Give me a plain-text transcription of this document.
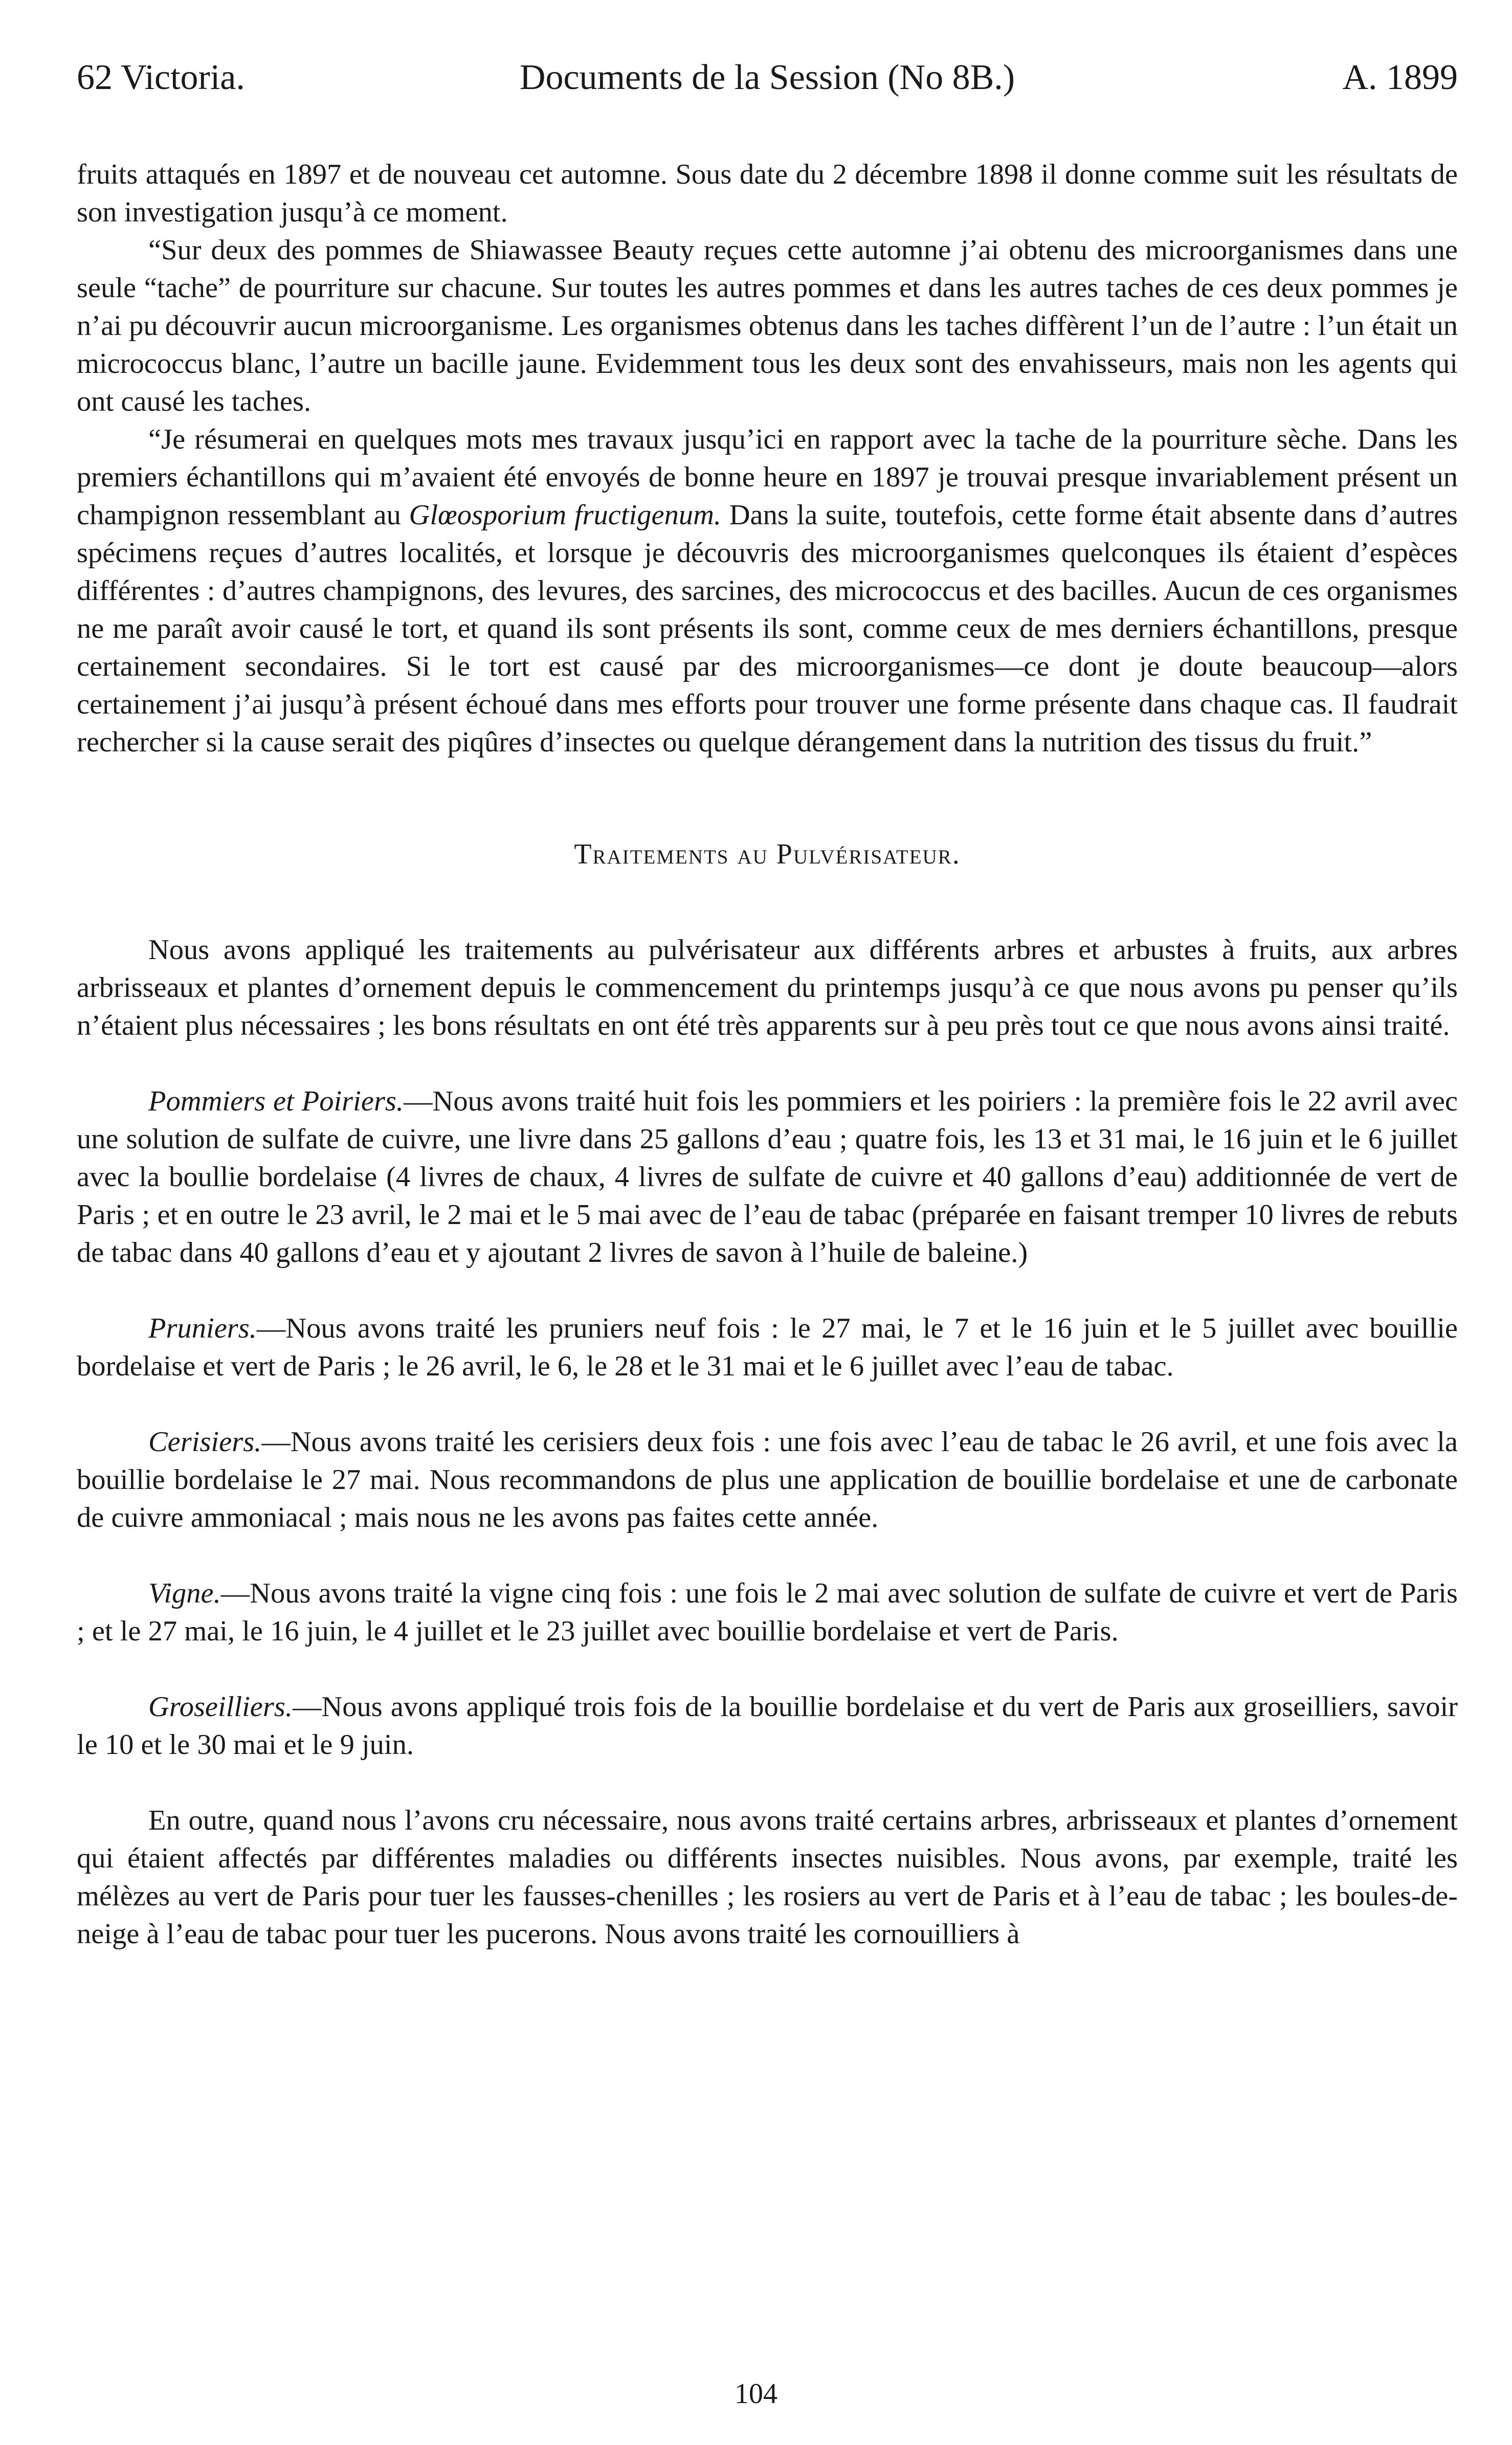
62 Victoria.	Documents de la Session (No 8B.)	A. 1899

fruits attaqués en 1897 et de nouveau cet automne. Sous date du 2 décembre 1898 il donne comme suit les résultats de son investigation jusqu’à ce moment.

“Sur deux des pommes de Shiawassee Beauty reçues cette automne j’ai obtenu des microorganismes dans une seule “tache” de pourriture sur chacune. Sur toutes les autres pommes et dans les autres taches de ces deux pommes je n’ai pu découvrir aucun microorganisme. Les organismes obtenus dans les taches diffèrent l’un de l’autre : l’un était un micrococcus blanc, l’autre un bacille jaune. Evidemment tous les deux sont des envahisseurs, mais non les agents qui ont causé les taches.

“Je résumerai en quelques mots mes travaux jusqu’ici en rapport avec la tache de la pourriture sèche. Dans les premiers échantillons qui m’avaient été envoyés de bonne heure en 1897 je trouvai presque invariablement présent un champignon ressemblant au Glœosporium fructigenum. Dans la suite, toutefois, cette forme était absente dans d’autres spécimens reçues d’autres localités, et lorsque je découvris des microorganismes quelconques ils étaient d’espèces différentes : d’autres champignons, des levures, des sarcines, des micrococcus et des bacilles. Aucun de ces organismes ne me paraît avoir causé le tort, et quand ils sont présents ils sont, comme ceux de mes derniers échantillons, presque certainement secondaires. Si le tort est causé par des microorganismes—ce dont je doute beaucoup—alors certainement j’ai jusqu’à présent échoué dans mes efforts pour trouver une forme présente dans chaque cas. Il faudrait rechercher si la cause serait des piqûres d’insectes ou quelque dérangement dans la nutrition des tissus du fruit.”

Traitements au Pulvérisateur.

Nous avons appliqué les traitements au pulvérisateur aux différents arbres et arbustes à fruits, aux arbres arbrisseaux et plantes d’ornement depuis le commencement du printemps jusqu’à ce que nous avons pu penser qu’ils n’étaient plus nécessaires ; les bons résultats en ont été très apparents sur à peu près tout ce que nous avons ainsi traité.

Pommiers et Poiriers.—Nous avons traité huit fois les pommiers et les poiriers : la première fois le 22 avril avec une solution de sulfate de cuivre, une livre dans 25 gallons d’eau ; quatre fois, les 13 et 31 mai, le 16 juin et le 6 juillet avec la boullie bordelaise (4 livres de chaux, 4 livres de sulfate de cuivre et 40 gallons d’eau) additionnée de vert de Paris ; et en outre le 23 avril, le 2 mai et le 5 mai avec de l’eau de tabac (préparée en faisant tremper 10 livres de rebuts de tabac dans 40 gallons d’eau et y ajoutant 2 livres de savon à l’huile de baleine.)

Pruniers.—Nous avons traité les pruniers neuf fois : le 27 mai, le 7 et le 16 juin et le 5 juillet avec bouillie bordelaise et vert de Paris ; le 26 avril, le 6, le 28 et le 31 mai et le 6 juillet avec l’eau de tabac.

Cerisiers.—Nous avons traité les cerisiers deux fois : une fois avec l’eau de tabac le 26 avril, et une fois avec la bouillie bordelaise le 27 mai. Nous recommandons de plus une application de bouillie bordelaise et une de carbonate de cuivre ammoniacal ; mais nous ne les avons pas faites cette année.

Vigne.—Nous avons traité la vigne cinq fois : une fois le 2 mai avec solution de sulfate de cuivre et vert de Paris ; et le 27 mai, le 16 juin, le 4 juillet et le 23 juillet avec bouillie bordelaise et vert de Paris.

Groseilliers.—Nous avons appliqué trois fois de la bouillie bordelaise et du vert de Paris aux groseilliers, savoir le 10 et le 30 mai et le 9 juin.

En outre, quand nous l’avons cru nécessaire, nous avons traité certains arbres, arbrisseaux et plantes d’ornement qui étaient affectés par différentes maladies ou différents insectes nuisibles. Nous avons, par exemple, traité les mélèzes au vert de Paris pour tuer les fausses-chenilles ; les rosiers au vert de Paris et à l’eau de tabac ; les boules-de-neige à l’eau de tabac pour tuer les pucerons. Nous avons traité les cornouilliers à

104
